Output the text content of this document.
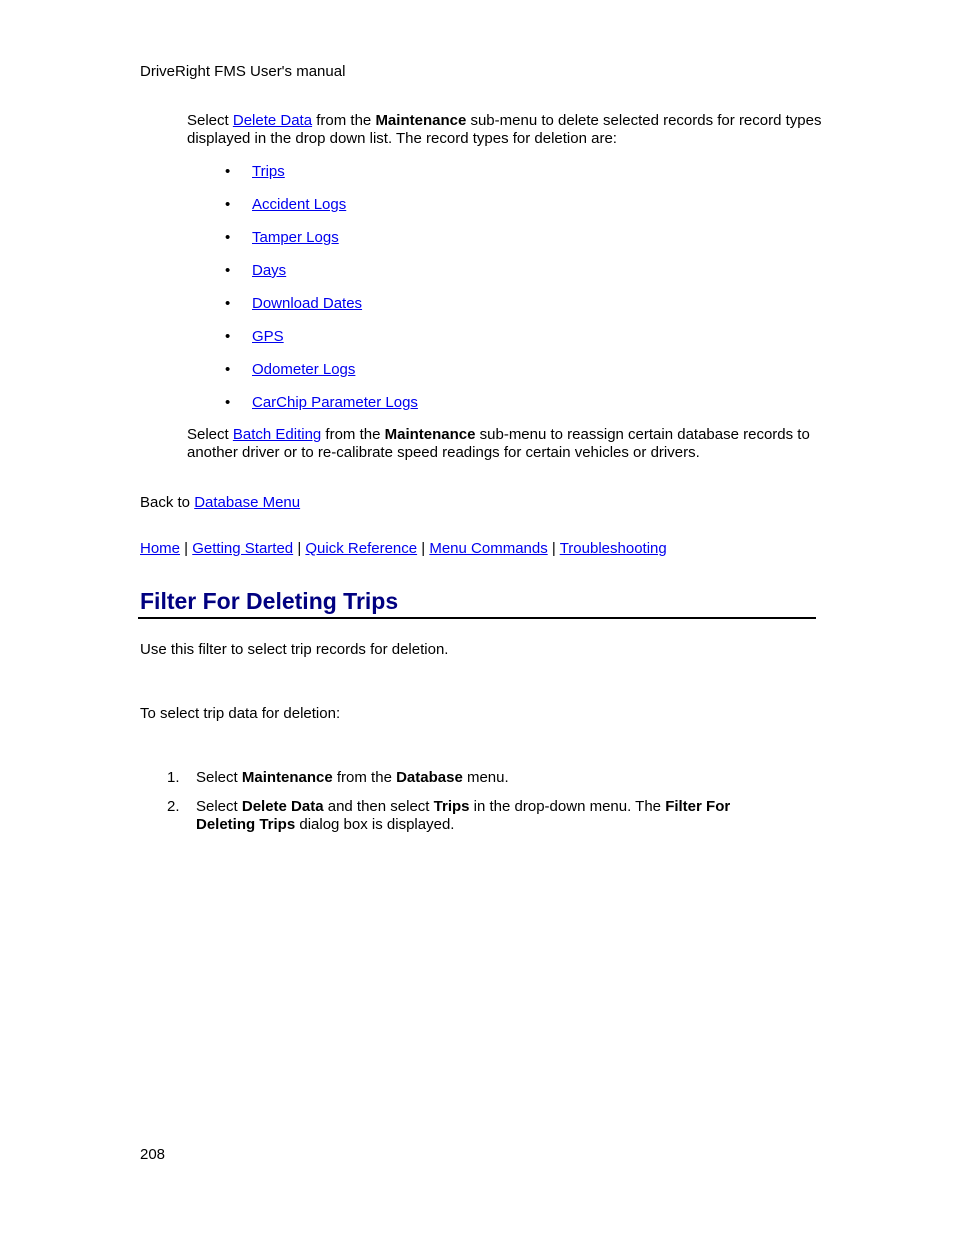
DriveRight FMS User's manual
Select Delete Data from the Maintenance sub-menu to delete selected records for record types displayed in the drop down list. The record types for deletion are:
•	Trips
•	Accident Logs
•	Tamper Logs
•	Days
•	Download Dates
•	GPS
•	Odometer Logs
•	CarChip Parameter Logs
Select Batch Editing from the Maintenance sub-menu to reassign certain database records to another driver or to re-calibrate speed readings for certain vehicles or drivers.
Back to Database Menu
Home | Getting Started | Quick Reference | Menu Commands | Troubleshooting
Filter For Deleting Trips
Use this filter to select trip records for deletion.
To select trip data for deletion:
1. Select Maintenance from the Database menu.
2. Select Delete Data and then select Trips in the drop-down menu. The Filter For Deleting Trips dialog box is displayed.
208
